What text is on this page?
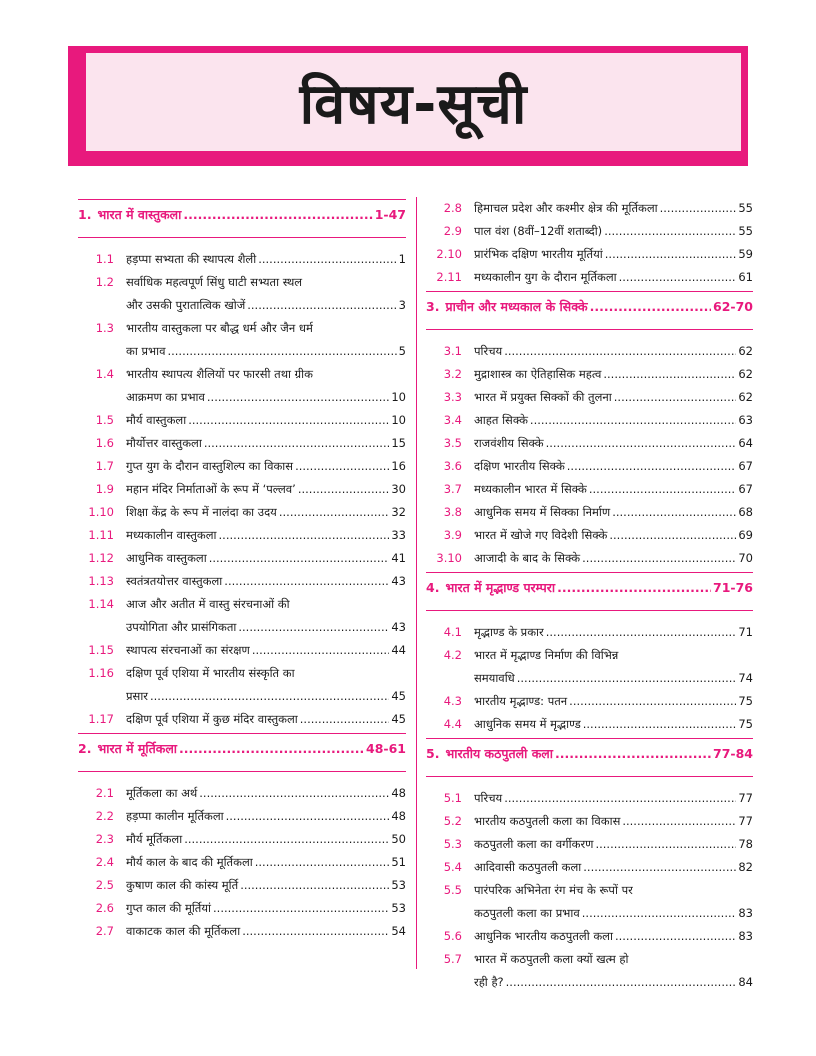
विषय-सूची
1. भारत में वास्तुकला .....	1-47
1.1	हड़प्पा सभ्यता की स्थापत्य शैली .....	1
1.2	सर्वाधिक महत्वपूर्ण सिंधु घाटी सभ्यता स्थल
और उसकी पुरातात्विक खोजें .....	3
1.3	भारतीय वास्तुकला पर बौद्ध धर्म और जैन धर्म
का प्रभाव .....	5
1.4	भारतीय स्थापत्य शैलियों पर फारसी तथा ग्रीक
आक्रमण का प्रभाव .....	10
1.5	मौर्य वास्तुकला .....	10
1.6	मौर्योत्तर वास्तुकला .....	15
1.7	गुप्त युग के दौरान वास्तुशिल्प का विकास .....	16
1.9	महान मंदिर निर्माताओं के रूप में ‘पल्लव’ .....	30
1.10	शिक्षा केंद्र के रूप में नालंदा का उदय .....	32
1.11	मध्यकालीन वास्तुकला .....	33
1.12	आधुनिक वास्तुकला .....	41
1.13	स्वतंत्रतयोत्तर वास्तुकला .....	43
1.14	आज और अतीत में वास्तु संरचनाओं की
उपयोगिता और प्रासंगिकता .....	43
1.15	स्थापत्य संरचनाओं का संरक्षण .....	44
1.16	दक्षिण पूर्व एशिया में भारतीय संस्कृति का
प्रसार .....	45
1.17	दक्षिण पूर्व एशिया में कुछ मंदिर वास्तुकला .....	45
2. भारत में मूर्तिकला .....	48-61
2.1	मूर्तिकला का अर्थ .....	48
2.2	हड़प्पा कालीन मूर्तिकला .....	48
2.3	मौर्य मूर्तिकला .....	50
2.4	मौर्य काल के बाद की मूर्तिकला .....	51
2.5	कुषाण काल की कांस्य मूर्ति .....	53
2.6	गुप्त काल की मूर्तियां .....	53
2.7	वाकाटक काल की मूर्तिकला .....	54
2.8	हिमाचल प्रदेश और कश्मीर क्षेत्र की मूर्तिकला .....	55
2.9	पाल वंश (8वीं–12वीं शताब्दी) .....	55
2.10	प्रारंभिक दक्षिण भारतीय मूर्तियां .....	59
2.11	मध्यकालीन युग के दौरान मूर्तिकला .....	61
3. प्राचीन और मध्यकाल के सिक्के .....	62-70
3.1	परिचय .....	62
3.2	मुद्राशास्त्र का ऐतिहासिक महत्व .....	62
3.3	भारत में प्रयुक्त सिक्कों की तुलना .....	62
3.4	आहत सिक्के .....	63
3.5	राजवंशीय सिक्के .....	64
3.6	दक्षिण भारतीय सिक्के .....	67
3.7	मध्यकालीन भारत में सिक्के .....	67
3.8	आधुनिक समय में सिक्का निर्माण .....	68
3.9	भारत में खोजे गए विदेशी सिक्के .....	69
3.10	आजादी के बाद के सिक्के .....	70
4. भारत में मृद्भाण्ड परम्परा .....	71-76
4.1	मृद्भाण्ड के प्रकार .....	71
4.2	भारत में मृद्भाण्ड निर्माण की विभिन्न
समयावधि .....	74
4.3	भारतीय मृद्भाण्ड: पतन .....	75
4.4	आधुनिक समय में मृद्भाण्ड .....	75
5. भारतीय कठपुतली कला .....	77-84
5.1	परिचय .....	77
5.2	भारतीय कठपुतली कला का विकास .....	77
5.3	कठपुतली कला का वर्गीकरण .....	78
5.4	आदिवासी कठपुतली कला .....	82
5.5	पारंपरिक अभिनेता रंग मंच के रूपों पर
कठपुतली कला का प्रभाव .....	83
5.6	आधुनिक भारतीय कठपुतली कला .....	83
5.7	भारत में कठपुतली कला क्यों खत्म हो
रही है? .....	84
